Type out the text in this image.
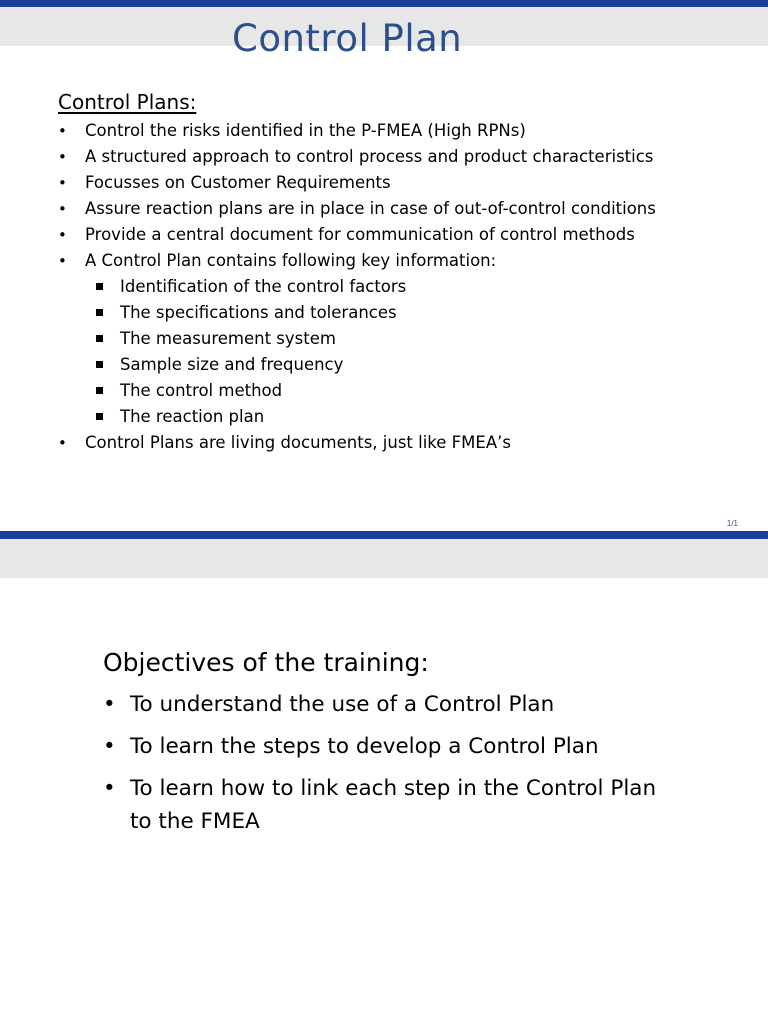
Control Plan
Control Plans:
• Control the risks identified in the P-FMEA (High RPNs)
• A structured approach to control process and product characteristics
• Focusses on Customer Requirements
• Assure reaction plans are in place in case of out-of-control conditions
• Provide a central document for communication of control methods
• A Control Plan contains following key information:
Identification of the control factors
The specifications and tolerances
The measurement system
Sample size and frequency
The control method
The reaction plan
• Control Plans are living documents, just like FMEA’s
1/1
Objectives of the training:
• To understand the use of a Control Plan
• To learn the steps to develop a Control Plan
• To learn how to link each step in the Control Plan to the FMEA
